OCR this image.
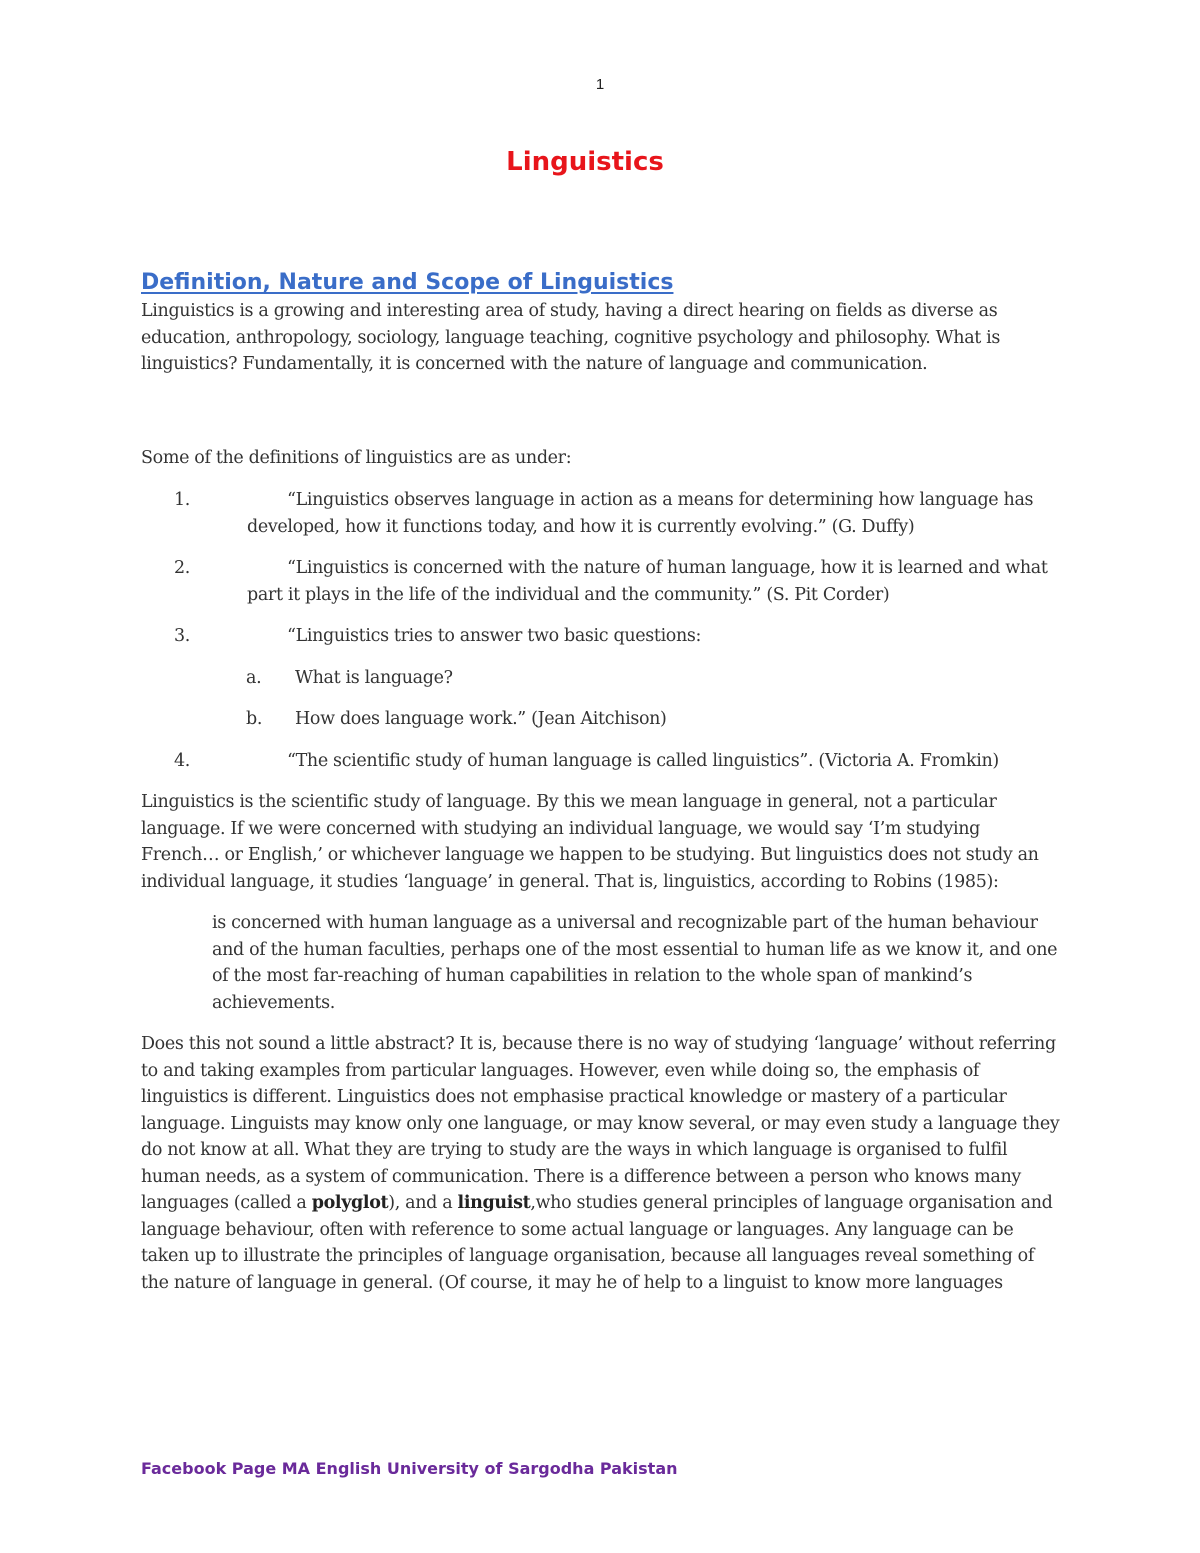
1
Linguistics
Definition, Nature and Scope of Linguistics

Linguistics is a growing and interesting area of study, having a direct hearing on fields as diverse as education, anthropology, sociology, language teaching, cognitive psychology and philosophy. What is linguistics? Fundamentally, it is concerned with the nature of language and communication.

Some of the definitions of linguistics are as under:

1.	“Linguistics observes language in action as a means for determining how language has developed, how it functions today, and how it is currently evolving.” (G. Duffy)
2.	“Linguistics is concerned with the nature of human language, how it is learned and what part it plays in the life of the individual and the community.” (S. Pit Corder)
3.	“Linguistics tries to answer two basic questions:
a. What is language?
b. How does language work.” (Jean Aitchison)
4.	“The scientific study of human language is called linguistics”. (Victoria A. Fromkin)

Linguistics is the scientific study of language. By this we mean language in general, not a particular language. If we were concerned with studying an individual language, we would say ‘I’m studying French… or English,’ or whichever language we happen to be studying. But linguistics does not study an individual language, it studies ‘language’ in general. That is, linguistics, according to Robins (1985):

is concerned with human language as a universal and recognizable part of the human behaviour and of the human faculties, perhaps one of the most essential to human life as we know it, and one of the most far-reaching of human capabilities in relation to the whole span of mankind’s achievements.

Does this not sound a little abstract? It is, because there is no way of studying ‘language’ without referring to and taking examples from particular languages. However, even while doing so, the emphasis of linguistics is different. Linguistics does not emphasise practical knowledge or mastery of a particular language. Linguists may know only one language, or may know several, or may even study a language they do not know at all. What they are trying to study are the ways in which language is organised to fulfil human needs, as a system of communication. There is a difference between a person who knows many languages (called a polyglot), and a linguist,who studies general principles of language organisation and language behaviour, often with reference to some actual language or languages. Any language can be taken up to illustrate the principles of language organisation, because all languages reveal something of the nature of language in general. (Of course, it may he of help to a linguist to know more languages

Facebook Page MA English University of Sargodha Pakistan
